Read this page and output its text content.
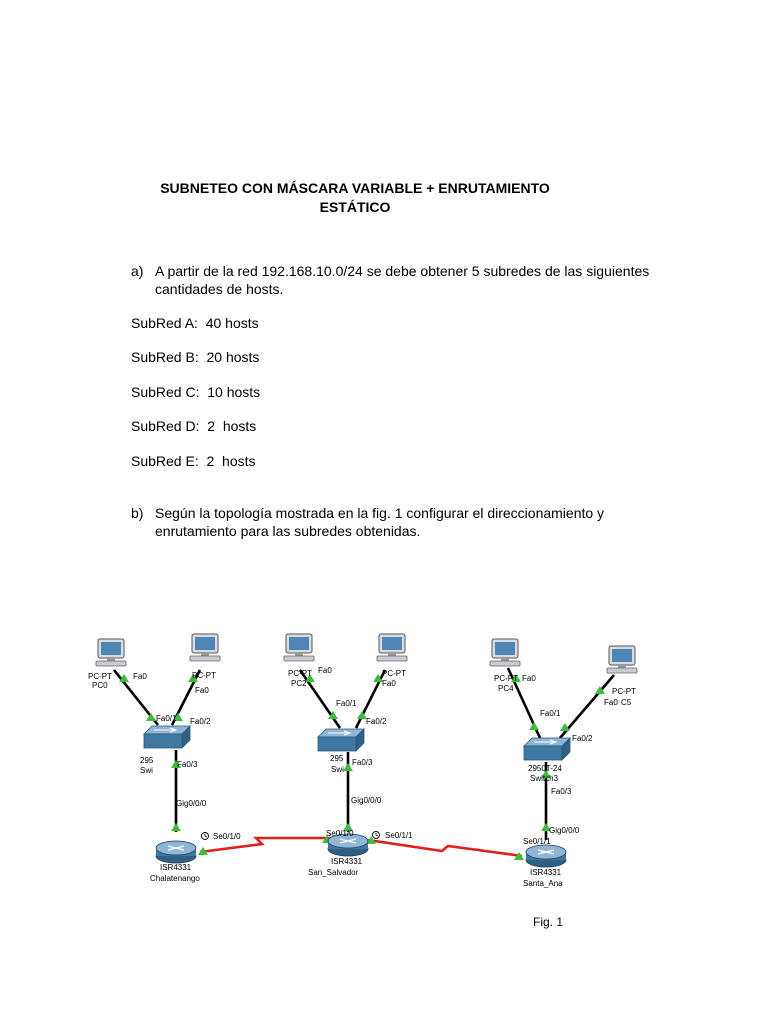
SUBNETEO CON MÁSCARA VARIABLE + ENRUTAMIENTO
ESTÁTICO
a) A partir de la red 192.168.10.0/24 se debe obtener 5 subredes de las siguientes cantidades de hosts.
SubRed A:  40 hosts
SubRed B:  20 hosts
SubRed C:  10 hosts
SubRed D:  2  hosts
SubRed E:  2  hosts
b) Según la topología mostrada en la fig. 1 configurar el direccionamiento y enrutamiento para las subredes obtenidas.
PC-PT
PC0
Fa0	PC-PT
Fa0
PC-PT
PC2
Fa0	PC-PT
Fa0
PC-PT
PC4
Fa0
PC-PT
C5
Fa0
Fa0/1 Fa0/2
295
Swi
Fa0/3
Fa0/1
Fa0/2
295
Swi
Fa0/3
Fa0/1
Fa0/2
2950T-24
Switch3
Fa0/3
Gig0/0/0	Gig0/0/0
Gig0/0/0
Se0/1/0
ISR4331
Chalatenango
Se0/1/0	Se0/1/1
ISR4331
San_Salvador
Se0/1/1
ISR4331
Santa_Ana
Fig. 1
